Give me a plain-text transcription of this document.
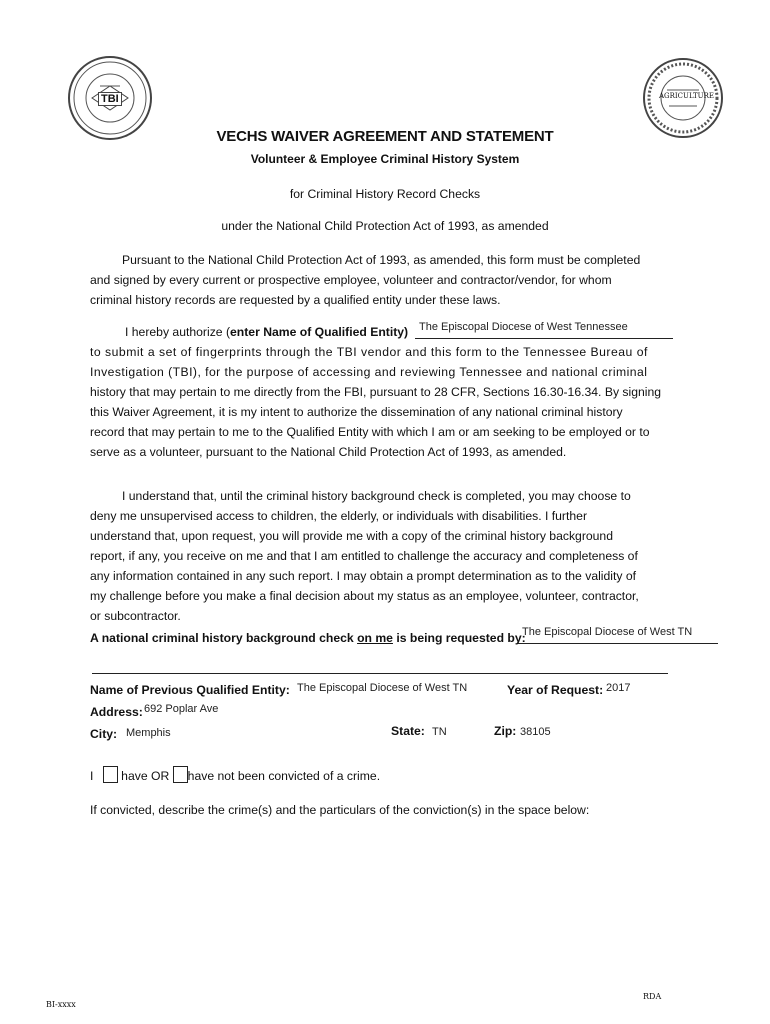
TBI	AGRICULTURE
VECHS WAIVER AGREEMENT AND STATEMENT
Volunteer & Employee Criminal History System
for Criminal History Record Checks
under the National Child Protection Act of 1993, as amended
Pursuant to the National Child Protection Act of 1993, as amended, this form must be completed
and signed by every current or prospective employee, volunteer and contractor/vendor, for whom
criminal history records are requested by a qualified entity under these laws.
I hereby authorize (enter Name of Qualified Entity) The Episcopal Diocese of West Tennessee
to submit a set of fingerprints through the TBI vendor and this form to the Tennessee Bureau of
Investigation (TBI), for the purpose of accessing and reviewing Tennessee and national criminal
history that may pertain to me directly from the FBI, pursuant to 28 CFR, Sections 16.30-16.34. By signing
this Waiver Agreement, it is my intent to authorize the dissemination of any national criminal history
record that may pertain to me to the Qualified Entity with which I am or am seeking to be employed or to
serve as a volunteer, pursuant to the National Child Protection Act of 1993, as amended.
I understand that, until the criminal history background check is completed, you may choose to
deny me unsupervised access to children, the elderly, or individuals with disabilities. I further
understand that, upon request, you will provide me with a copy of the criminal history background
report, if any, you receive on me and that I am entitled to challenge the accuracy and completeness of
any information contained in any such report. I may obtain a prompt determination as to the validity of
my challenge before you make a final decision about my status as an employee, volunteer, contractor,
or subcontractor.
A national criminal history background check on me is being requested by:
The Episcopal Diocese of West TN
Name of Previous Qualified Entity: The Episcopal Diocese of West TN	Year of Request: 2017
Address: 692 Poplar Ave
City: Memphis	State: TN	Zip: 38105
I have OR have not been convicted of a crime.
If convicted, describe the crime(s) and the particulars of the conviction(s) in the space below:
BI-xxxx
RDA
